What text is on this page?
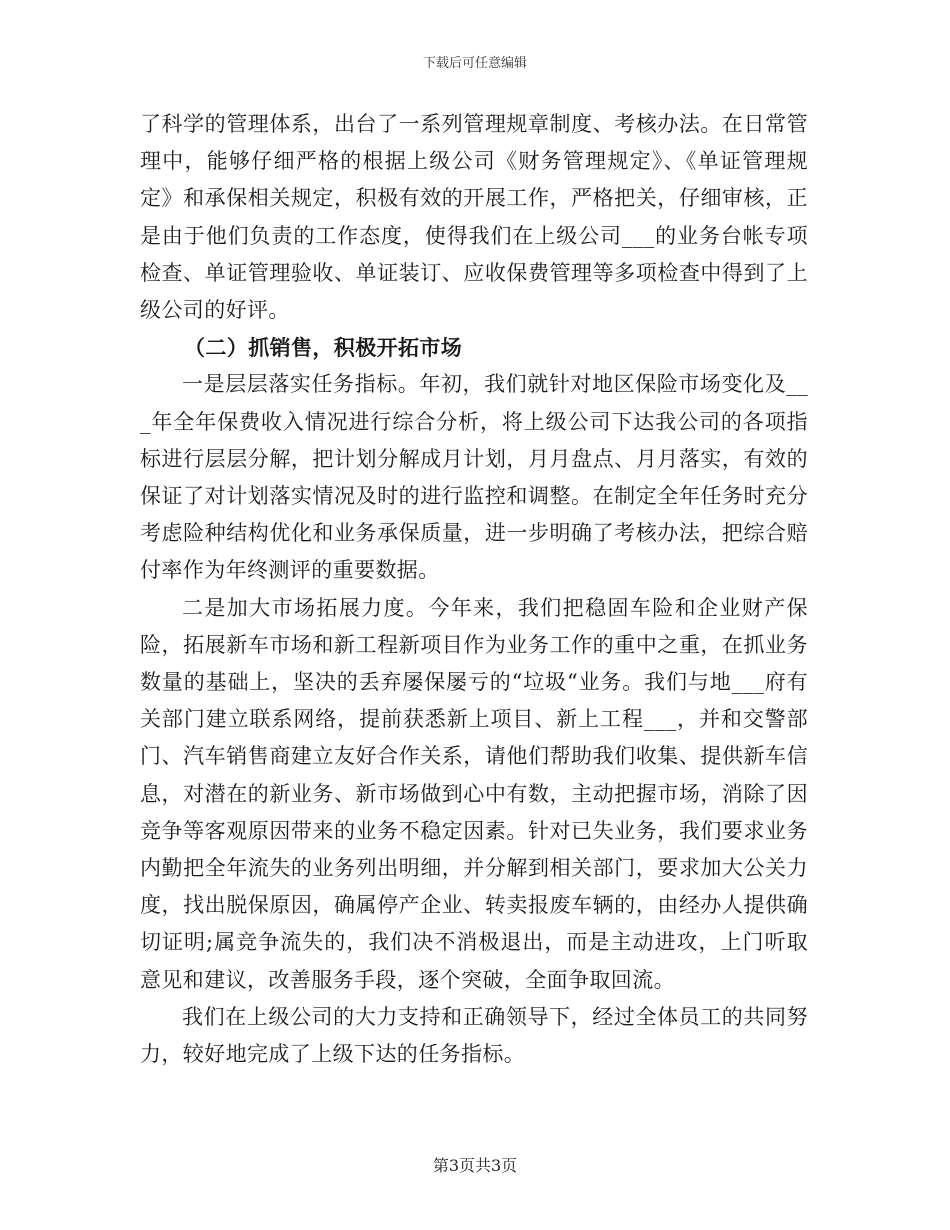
下载后可任意编辑

了科学的管理体系，出台了一系列管理规章制度、考核办法。在日常管理中，能够仔细严格的根据上级公司《财务管理规定》、《单证管理规定》和承保相关规定，积极有效的开展工作，严格把关，仔细审核，正是由于他们负责的工作态度，使得我们在上级公司___的业务台帐专项检查、单证管理验收、单证装订、应收保费管理等多项检查中得到了上级公司的好评。

（二）抓销售，积极开拓市场

一是层层落实任务指标。年初，我们就针对地区保险市场变化及___年全年保费收入情况进行综合分析，将上级公司下达我公司的各项指标进行层层分解，把计划分解成月计划，月月盘点、月月落实，有效的保证了对计划落实情况及时的进行监控和调整。在制定全年任务时充分考虑险种结构优化和业务承保质量，进一步明确了考核办法，把综合赔付率作为年终测评的重要数据。

二是加大市场拓展力度。今年来，我们把稳固车险和企业财产保险，拓展新车市场和新工程新项目作为业务工作的重中之重，在抓业务数量的基础上，坚决的丢弃屡保屡亏的“垃圾“业务。我们与地___府有关部门建立联系网络，提前获悉新上项目、新上工程___，并和交警部门、汽车销售商建立友好合作关系，请他们帮助我们收集、提供新车信息，对潜在的新业务、新市场做到心中有数，主动把握市场，消除了因竞争等客观原因带来的业务不稳定因素。针对已失业务，我们要求业务内勤把全年流失的业务列出明细，并分解到相关部门，要求加大公关力度，找出脱保原因，确属停产企业、转卖报废车辆的，由经办人提供确切证明;属竞争流失的，我们决不消极退出，而是主动进攻，上门听取意见和建议，改善服务手段，逐个突破，全面争取回流。

我们在上级公司的大力支持和正确领导下，经过全体员工的共同努力，较好地完成了上级下达的任务指标。

第3页共3页
